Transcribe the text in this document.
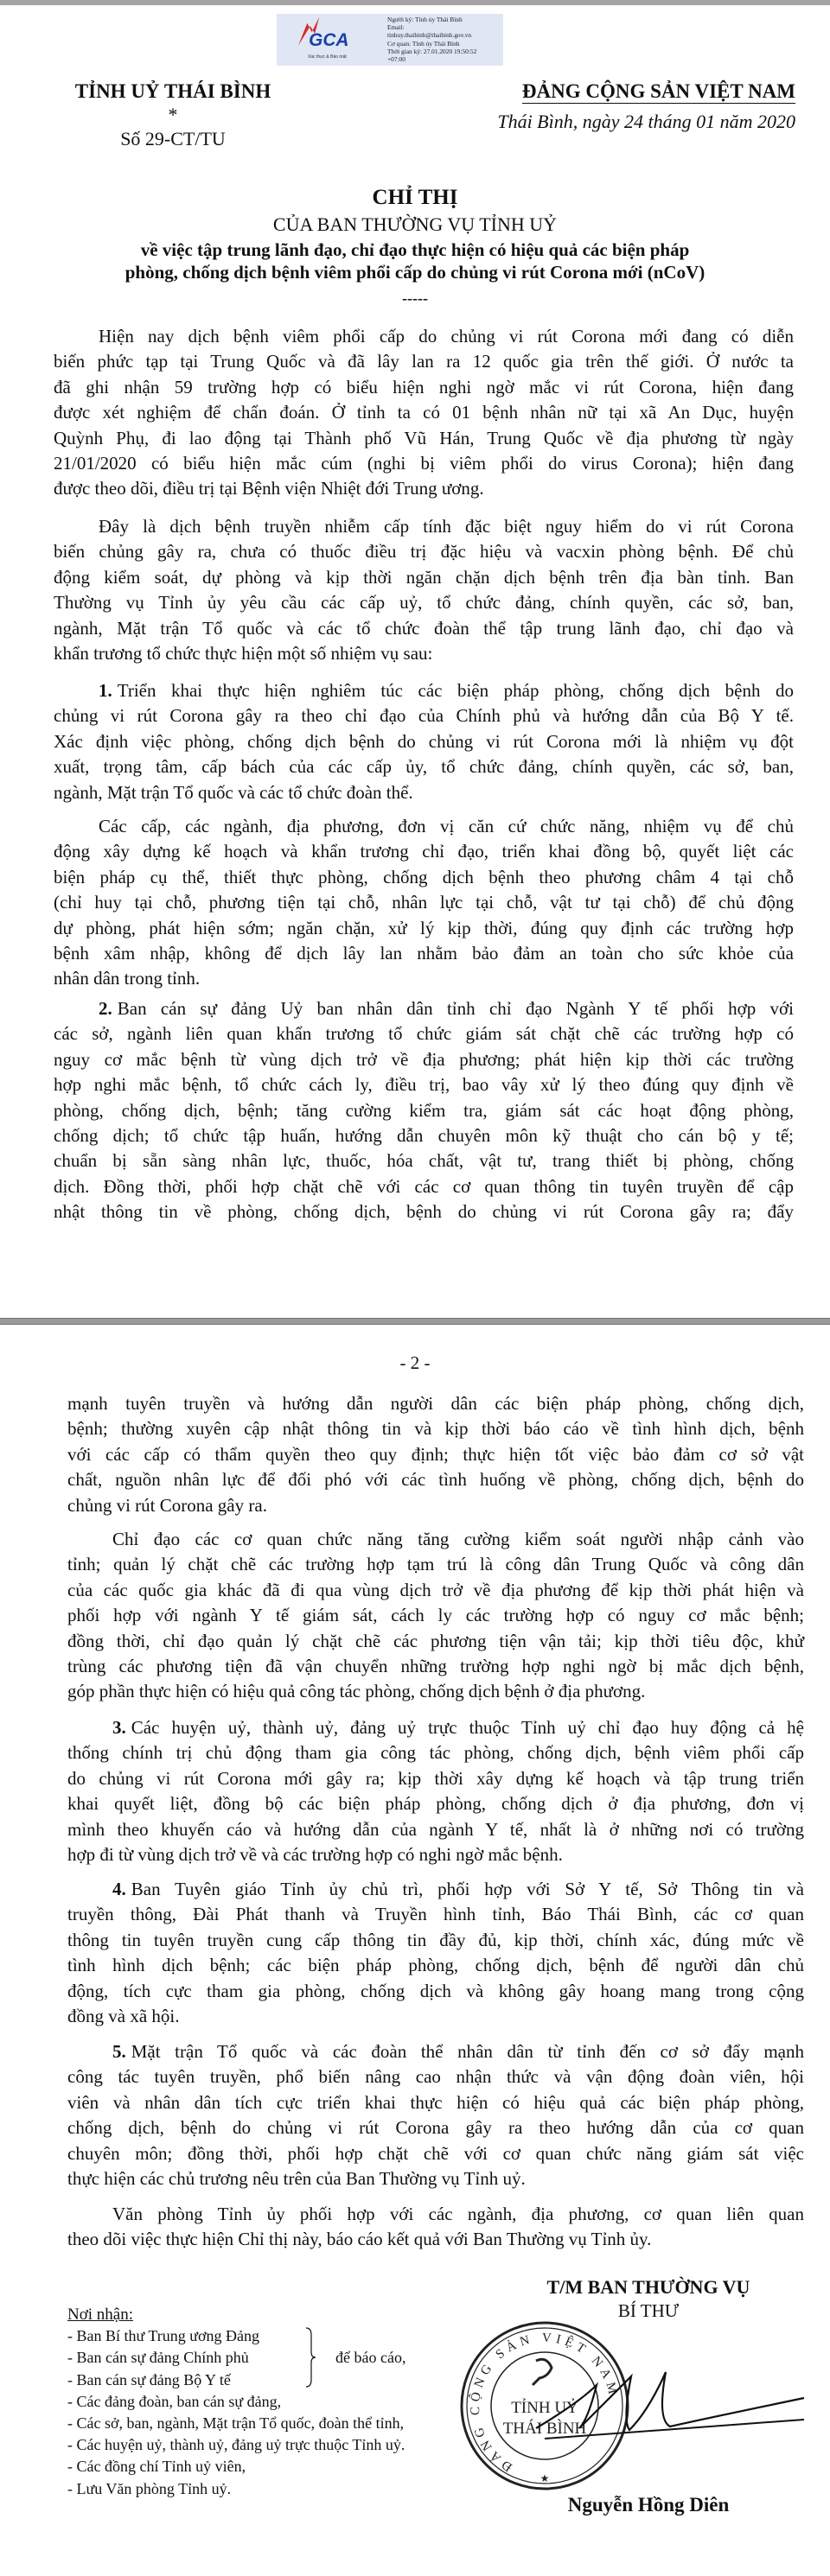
GCA
Xác thực & Bảo mật
Người ký: Tỉnh ủy Thái Bình
Email:
tinhuy.thaibinh@thaibinh.gov.vn
Cơ quan: Tỉnh ủy Thái Bình
Thời gian ký: 27.01.2020 19:50:52
+07:00
TỈNH UỶ THÁI BÌNH
*
Số 29-CT/TU
ĐẢNG CỘNG SẢN VIỆT NAM
Thái Bình, ngày 24 tháng 01 năm 2020
CHỈ THỊ
CỦA BAN THƯỜNG VỤ TỈNH UỶ
về việc tập trung lãnh đạo, chỉ đạo thực hiện có hiệu quả các biện pháp
phòng, chống dịch bệnh viêm phổi cấp do chủng vi rút Corona mới (nCoV)
-----
Hiện nay dịch bệnh viêm phổi cấp do chủng vi rút Corona mới đang có diễn
biến phức tạp tại Trung Quốc và đã lây lan ra 12 quốc gia trên thế giới. Ở nước ta
đã ghi nhận 59 trường hợp có biểu hiện nghi ngờ mắc vi rút Corona, hiện đang
được xét nghiệm để chẩn đoán. Ở tỉnh ta có 01 bệnh nhân nữ tại xã An Dục, huyện
Quỳnh Phụ, đi lao động tại Thành phố Vũ Hán, Trung Quốc về địa phương từ ngày
21/01/2020 có biểu hiện mắc cúm (nghi bị viêm phổi do virus Corona); hiện đang
được theo dõi, điều trị tại Bệnh viện Nhiệt đới Trung ương.
Đây là dịch bệnh truyền nhiễm cấp tính đặc biệt nguy hiểm do vi rút Corona
biến chủng gây ra, chưa có thuốc điều trị đặc hiệu và vacxin phòng bệnh. Để chủ
động kiểm soát, dự phòng và kịp thời ngăn chặn dịch bệnh trên địa bàn tỉnh. Ban
Thường vụ Tỉnh ủy yêu cầu các cấp uỷ, tổ chức đảng, chính quyền, các sở, ban,
ngành, Mặt trận Tổ quốc và các tổ chức đoàn thể tập trung lãnh đạo, chỉ đạo và
khẩn trương tổ chức thực hiện một số nhiệm vụ sau:
1. Triển khai thực hiện nghiêm túc các biện pháp phòng, chống dịch bệnh do
chủng vi rút Corona gây ra theo chỉ đạo của Chính phủ và hướng dẫn của Bộ Y tế.
Xác định việc phòng, chống dịch bệnh do chủng vi rút Corona mới là nhiệm vụ đột
xuất, trọng tâm, cấp bách của các cấp ủy, tổ chức đảng, chính quyền, các sở, ban,
ngành, Mặt trận Tổ quốc và các tổ chức đoàn thể.
Các cấp, các ngành, địa phương, đơn vị căn cứ chức năng, nhiệm vụ để chủ
động xây dựng kế hoạch và khẩn trương chỉ đạo, triển khai đồng bộ, quyết liệt các
biện pháp cụ thể, thiết thực phòng, chống dịch bệnh theo phương châm 4 tại chỗ
(chỉ huy tại chỗ, phương tiện tại chỗ, nhân lực tại chỗ, vật tư tại chỗ) để chủ động
dự phòng, phát hiện sớm; ngăn chặn, xử lý kịp thời, đúng quy định các trường hợp
bệnh xâm nhập, không để dịch lây lan nhằm bảo đảm an toàn cho sức khỏe của
nhân dân trong tỉnh.
2. Ban cán sự đảng Uỷ ban nhân dân tỉnh chỉ đạo Ngành Y tế phối hợp với
các sở, ngành liên quan khẩn trương tổ chức giám sát chặt chẽ các trường hợp có
nguy cơ mắc bệnh từ vùng dịch trở về địa phương; phát hiện kịp thời các trường
hợp nghi mắc bệnh, tổ chức cách ly, điều trị, bao vây xử lý theo đúng quy định về
phòng, chống dịch, bệnh; tăng cường kiểm tra, giám sát các hoạt động phòng,
chống dịch; tổ chức tập huấn, hướng dẫn chuyên môn kỹ thuật cho cán bộ y tế;
chuẩn bị sẵn sàng nhân lực, thuốc, hóa chất, vật tư, trang thiết bị phòng, chống
dịch. Đồng thời, phối hợp chặt chẽ với các cơ quan thông tin tuyên truyền để cập
nhật thông tin về phòng, chống dịch, bệnh do chủng vi rút Corona gây ra; đẩy
- 2 -
mạnh tuyên truyền và hướng dẫn người dân các biện pháp phòng, chống dịch,
bệnh; thường xuyên cập nhật thông tin và kịp thời báo cáo về tình hình dịch, bệnh
với các cấp có thẩm quyền theo quy định; thực hiện tốt việc bảo đảm cơ sở vật
chất, nguồn nhân lực để đối phó với các tình huống về phòng, chống dịch, bệnh do
chủng vi rút Corona gây ra.
Chỉ đạo các cơ quan chức năng tăng cường kiểm soát người nhập cảnh vào
tỉnh; quản lý chặt chẽ các trường hợp tạm trú là công dân Trung Quốc và công dân
của các quốc gia khác đã đi qua vùng dịch trở về địa phương để kịp thời phát hiện và
phối hợp với ngành Y tế giám sát, cách ly các trường hợp có nguy cơ mắc bệnh;
đồng thời, chỉ đạo quản lý chặt chẽ các phương tiện vận tải; kịp thời tiêu độc, khử
trùng các phương tiện đã vận chuyển những trường hợp nghi ngờ bị mắc dịch bệnh,
góp phần thực hiện có hiệu quả công tác phòng, chống dịch bệnh ở địa phương.
3. Các huyện uỷ, thành uỷ, đảng uỷ trực thuộc Tỉnh uỷ chỉ đạo huy động cả hệ
thống chính trị chủ động tham gia công tác phòng, chống dịch, bệnh viêm phổi cấp
do chủng vi rút Corona mới gây ra; kịp thời xây dựng kế hoạch và tập trung triển
khai quyết liệt, đồng bộ các biện pháp phòng, chống dịch ở địa phương, đơn vị
mình theo khuyến cáo và hướng dẫn của ngành Y tế, nhất là ở những nơi có trường
hợp đi từ vùng dịch trở về và các trường hợp có nghi ngờ mắc bệnh.
4. Ban Tuyên giáo Tỉnh ủy chủ trì, phối hợp với Sở Y tế, Sở Thông tin và
truyền thông, Đài Phát thanh và Truyền hình tỉnh, Báo Thái Bình, các cơ quan
thông tin tuyên truyền cung cấp thông tin đầy đủ, kịp thời, chính xác, đúng mức về
tình hình dịch bệnh; các biện pháp phòng, chống dịch, bệnh để người dân chủ
động, tích cực tham gia phòng, chống dịch và không gây hoang mang trong cộng
đồng và xã hội.
5. Mặt trận Tổ quốc và các đoàn thể nhân dân từ tỉnh đến cơ sở đẩy mạnh
công tác tuyên truyền, phổ biến nâng cao nhận thức và vận động đoàn viên, hội
viên và nhân dân tích cực triển khai thực hiện có hiệu quả các biện pháp phòng,
chống dịch, bệnh do chủng vi rút Corona gây ra theo hướng dẫn của cơ quan
chuyên môn; đồng thời, phối hợp chặt chẽ với cơ quan chức năng giám sát việc
thực hiện các chủ trương nêu trên của Ban Thường vụ Tỉnh uỷ.
Văn phòng Tỉnh ủy phối hợp với các ngành, địa phương, cơ quan liên quan
theo dõi việc thực hiện Chỉ thị này, báo cáo kết quả với Ban Thường vụ Tỉnh ủy.
Nơi nhận:
- Ban Bí thư Trung ương Đảng
- Ban cán sự đảng Chính phủ
- Ban cán sự đảng Bộ Y tế
- Các đảng đoàn, ban cán sự đảng,
- Các sở, ban, ngành, Mặt trận Tổ quốc, đoàn thể tỉnh,
- Các huyện uỷ, thành uỷ, đảng uỷ trực thuộc Tỉnh uỷ.
- Các đồng chí Tỉnh uỷ viên,
- Lưu Văn phòng Tỉnh uỷ.
để báo cáo,
T/M BAN THƯỜNG VỤ
BÍ THƯ
ĐẢNG CỘNG SẢN VIỆT NAM
★
TỈNH UỶ
THÁI BÌNH
Nguyễn Hồng Diên
